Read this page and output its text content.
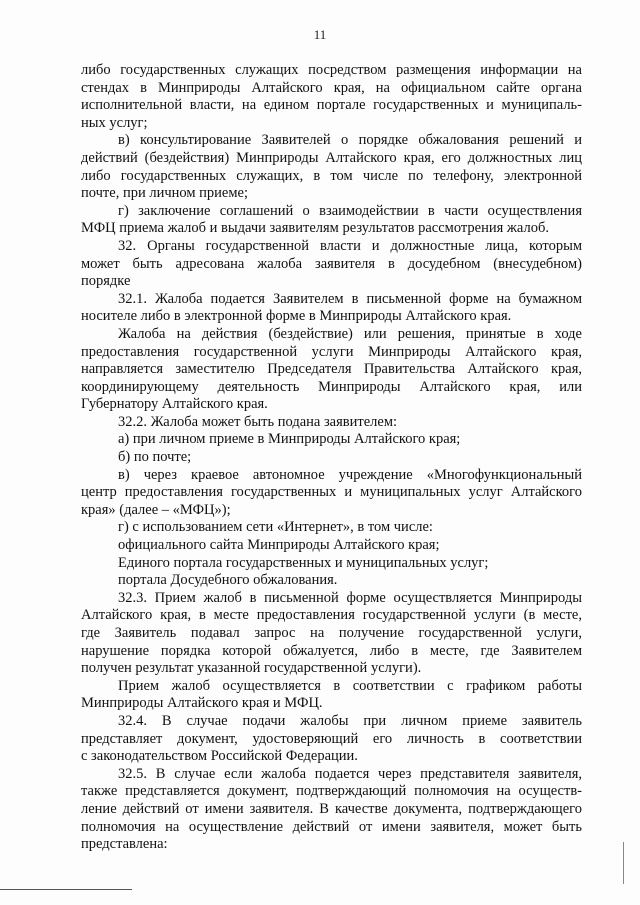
11
либо государственных служащих посредством размещения информации на
стендах в Минприроды Алтайского края, на официальном сайте органа
исполнительной власти, на едином портале государственных и муниципаль-
ных услуг;
в) консультирование Заявителей о порядке обжалования решений и
действий (бездействия) Минприроды Алтайского края, его должностных лиц
либо государственных служащих, в том числе по телефону, электронной
почте, при личном приеме;
г) заключение соглашений о взаимодействии в части осуществления
МФЦ приема жалоб и выдачи заявителям результатов рассмотрения жалоб.
32. Органы государственной власти и должностные лица, которым
может быть адресована жалоба заявителя в досудебном (внесудебном)
порядке
32.1. Жалоба подается Заявителем в письменной форме на бумажном
носителе либо в электронной форме в Минприроды Алтайского края.
Жалоба на действия (бездействие) или решения, принятые в ходе
предоставления государственной услуги Минприроды Алтайского края,
направляется заместителю Председателя Правительства Алтайского края,
координирующему деятельность Минприроды Алтайского края, или
Губернатору Алтайского края.
32.2. Жалоба может быть подана заявителем:
а) при личном приеме в Минприроды Алтайского края;
б) по почте;
в) через краевое автономное учреждение «Многофункциональный
центр предоставления государственных и муниципальных услуг Алтайского
края» (далее – «МФЦ»);
г) с использованием сети «Интернет», в том числе:
официального сайта Минприроды Алтайского края;
Единого портала государственных и муниципальных услуг;
портала Досудебного обжалования.
32.3. Прием жалоб в письменной форме осуществляется Минприроды
Алтайского края, в месте предоставления государственной услуги (в месте,
где Заявитель подавал запрос на получение государственной услуги,
нарушение порядка которой обжалуется, либо в месте, где Заявителем
получен результат указанной государственной услуги).
Прием жалоб осуществляется в соответствии с графиком работы
Минприроды Алтайского края и МФЦ.
32.4. В случае подачи жалобы при личном приеме заявитель
представляет документ, удостоверяющий его личность в соответствии
с законодательством Российской Федерации.
32.5. В случае если жалоба подается через представителя заявителя,
также представляется документ, подтверждающий полномочия на осуществ-
ление действий от имени заявителя. В качестве документа, подтверждающего
полномочия на осуществление действий от имени заявителя, может быть
представлена:
